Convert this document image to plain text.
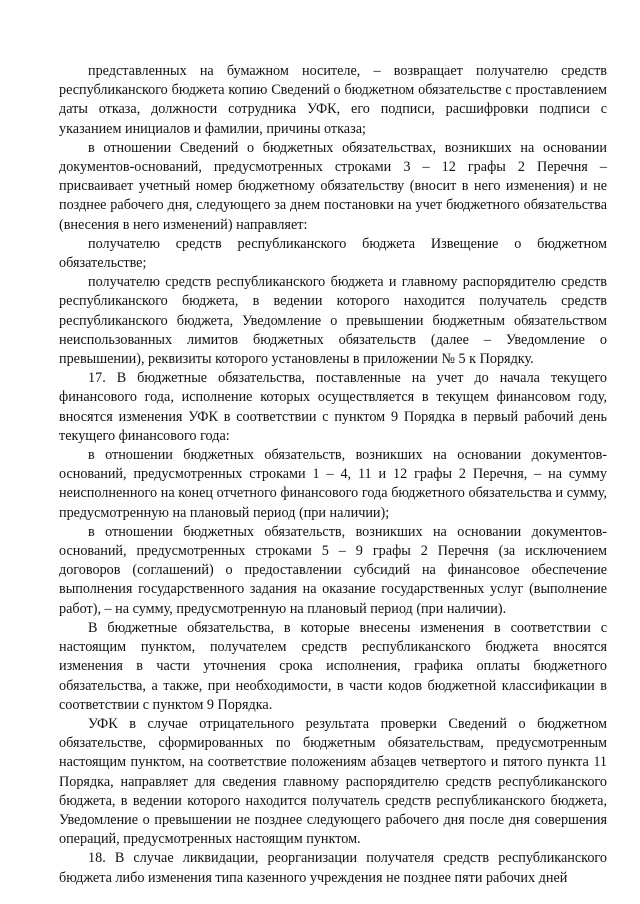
представленных на бумажном носителе, – возвращает получателю средств республиканского бюджета копию Сведений о бюджетном обязательстве с проставлением даты отказа, должности сотрудника УФК, его подписи, расшифровки подписи с указанием инициалов и фамилии, причины отказа;

в отношении Сведений о бюджетных обязательствах, возникших на основании документов-оснований, предусмотренных строками 3 – 12 графы 2 Перечня – присваивает учетный номер бюджетному обязательству (вносит в него изменения) и не позднее рабочего дня, следующего за днем постановки на учет бюджетного обязательства (внесения в него изменений) направляет:

получателю средств республиканского бюджета Извещение о бюджетном обязательстве;

получателю средств республиканского бюджета и главному распорядителю средств республиканского бюджета, в ведении которого находится получатель средств республиканского бюджета, Уведомление о превышении бюджетным обязательством неиспользованных лимитов бюджетных обязательств (далее – Уведомление о превышении), реквизиты которого установлены в приложении № 5 к Порядку.

17. В бюджетные обязательства, поставленные на учет до начала текущего финансового года, исполнение которых осуществляется в текущем финансовом году, вносятся изменения УФК в соответствии с пунктом 9 Порядка в первый рабочий день текущего финансового года:

в отношении бюджетных обязательств, возникших на основании документов-оснований, предусмотренных строками 1 – 4, 11 и 12 графы 2 Перечня, – на сумму неисполненного на конец отчетного финансового года бюджетного обязательства и сумму, предусмотренную на плановый период (при наличии);

в отношении бюджетных обязательств, возникших на основании документов-оснований, предусмотренных строками 5 – 9 графы 2 Перечня (за исключением договоров (соглашений) о предоставлении субсидий на финансовое обеспечение выполнения государственного задания на оказание государственных услуг (выполнение работ), – на сумму, предусмотренную на плановый период (при наличии).

В бюджетные обязательства, в которые внесены изменения в соответствии с настоящим пунктом, получателем средств республиканского бюджета вносятся изменения в части уточнения срока исполнения, графика оплаты бюджетного обязательства, а также, при необходимости, в части кодов бюджетной классификации в соответствии с пунктом 9 Порядка.

УФК в случае отрицательного результата проверки Сведений о бюджетном обязательстве, сформированных по бюджетным обязательствам, предусмотренным настоящим пунктом, на соответствие положениям абзацев четвертого и пятого пункта 11 Порядка, направляет для сведения главному распорядителю средств республиканского бюджета, в ведении которого находится получатель средств республиканского бюджета, Уведомление о превышении не позднее следующего рабочего дня после дня совершения операций, предусмотренных настоящим пунктом.

18. В случае ликвидации, реорганизации получателя средств республиканского бюджета либо изменения типа казенного учреждения не позднее пяти рабочих дней
